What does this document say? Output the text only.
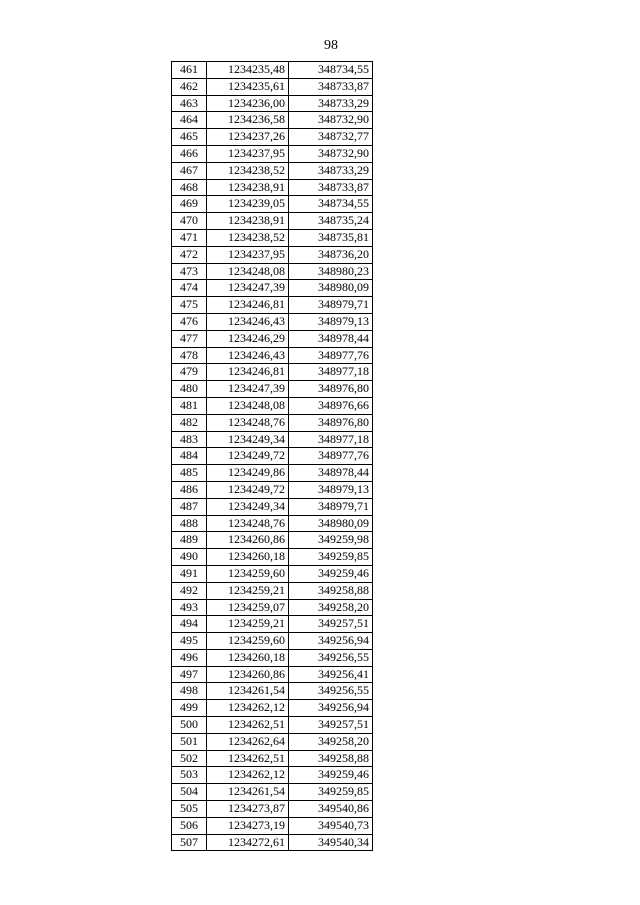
98
461	1234235,48	348734,55
462	1234235,61	348733,87
463	1234236,00	348733,29
464	1234236,58	348732,90
465	1234237,26	348732,77
466	1234237,95	348732,90
467	1234238,52	348733,29
468	1234238,91	348733,87
469	1234239,05	348734,55
470	1234238,91	348735,24
471	1234238,52	348735,81
472	1234237,95	348736,20
473	1234248,08	348980,23
474	1234247,39	348980,09
475	1234246,81	348979,71
476	1234246,43	348979,13
477	1234246,29	348978,44
478	1234246,43	348977,76
479	1234246,81	348977,18
480	1234247,39	348976,80
481	1234248,08	348976,66
482	1234248,76	348976,80
483	1234249,34	348977,18
484	1234249,72	348977,76
485	1234249,86	348978,44
486	1234249,72	348979,13
487	1234249,34	348979,71
488	1234248,76	348980,09
489	1234260,86	349259,98
490	1234260,18	349259,85
491	1234259,60	349259,46
492	1234259,21	349258,88
493	1234259,07	349258,20
494	1234259,21	349257,51
495	1234259,60	349256,94
496	1234260,18	349256,55
497	1234260,86	349256,41
498	1234261,54	349256,55
499	1234262,12	349256,94
500	1234262,51	349257,51
501	1234262,64	349258,20
502	1234262,51	349258,88
503	1234262,12	349259,46
504	1234261,54	349259,85
505	1234273,87	349540,86
506	1234273,19	349540,73
507	1234272,61	349540,34
